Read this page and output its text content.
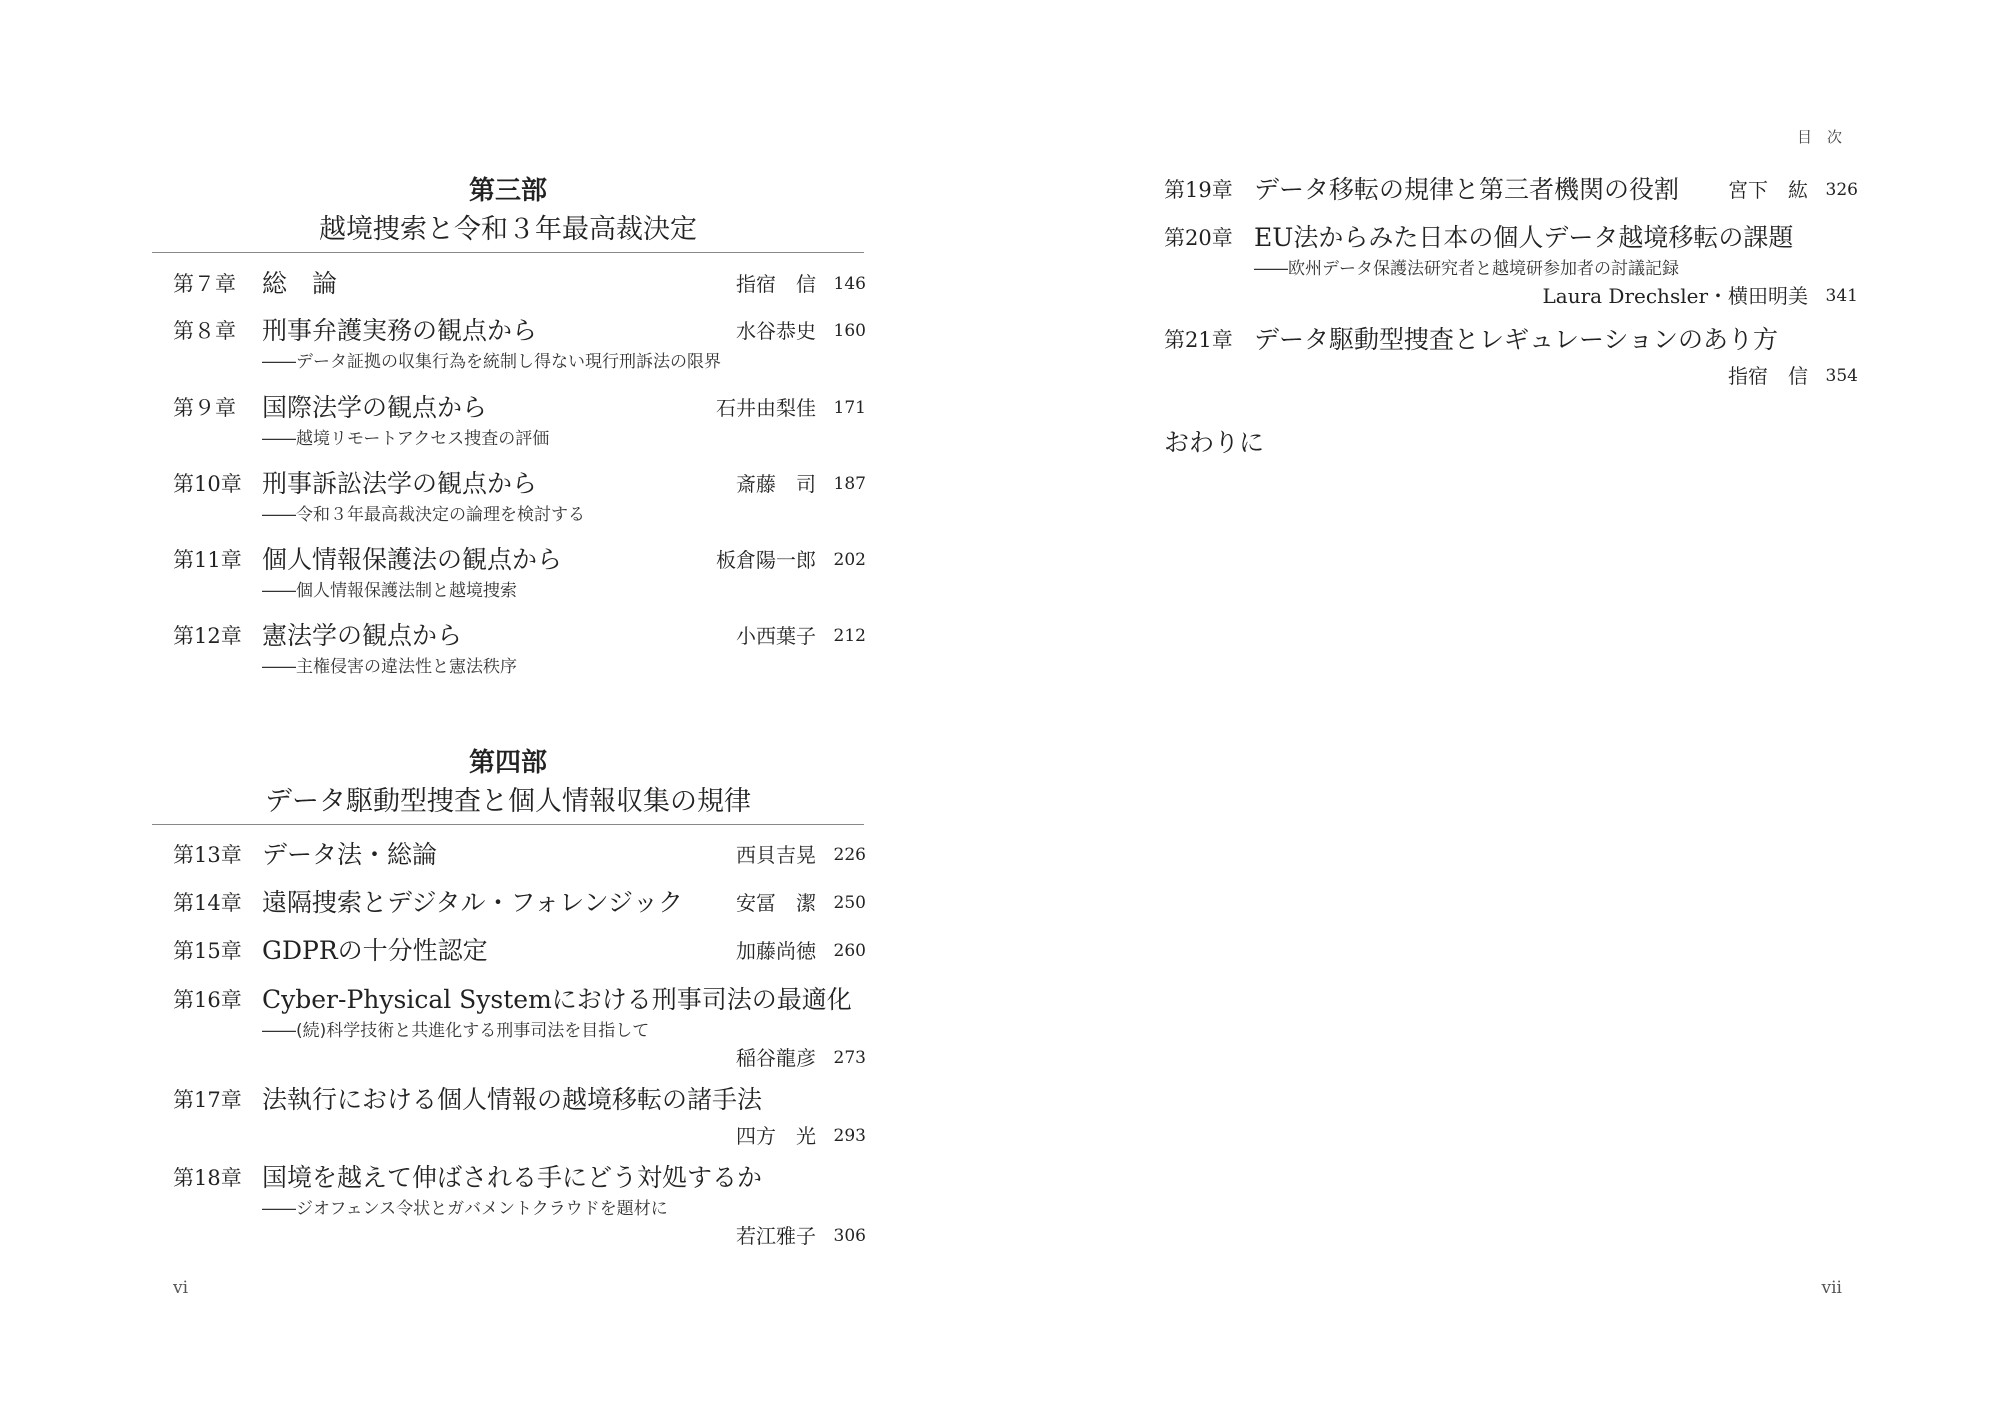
第三部
越境捜索と令和３年最高裁決定
第７章 総　論	指宿　信 146
第８章 刑事弁護実務の観点から	水谷恭史 160
――データ証拠の収集行為を統制し得ない現行刑訴法の限界
第９章 国際法学の観点から	石井由梨佳 171
――越境リモートアクセス捜査の評価
第10章 刑事訴訟法学の観点から	斎藤　司 187
――令和３年最高裁決定の論理を検討する
第11章 個人情報保護法の観点から	板倉陽一郎 202
――個人情報保護法制と越境捜索
第12章 憲法学の観点から	小西葉子 212
――主権侵害の違法性と憲法秩序
第四部
データ駆動型捜査と個人情報収集の規律
第13章 データ法・総論	西貝吉晃 226
第14章 遠隔捜索とデジタル・フォレンジック	安冨　潔 250
第15章 GDPRの十分性認定	加藤尚徳 260
第16章 Cyber-Physical Systemにおける刑事司法の最適化
――(続)科学技術と共進化する刑事司法を目指して
稲谷龍彦 273
第17章 法執行における個人情報の越境移転の諸手法
四方　光 293
第18章 国境を越えて伸ばされる手にどう対処するか
――ジオフェンス令状とガバメントクラウドを題材に
若江雅子 306
vi
目　次
第19章 データ移転の規律と第三者機関の役割 宮下　紘 326
第20章 EU法からみた日本の個人データ越境移転の課題
――欧州データ保護法研究者と越境研参加者の討議記録
Laura Drechsler・横田明美 341
第21章 データ駆動型捜査とレギュレーションのあり方
指宿　信 354
おわりに
vii
